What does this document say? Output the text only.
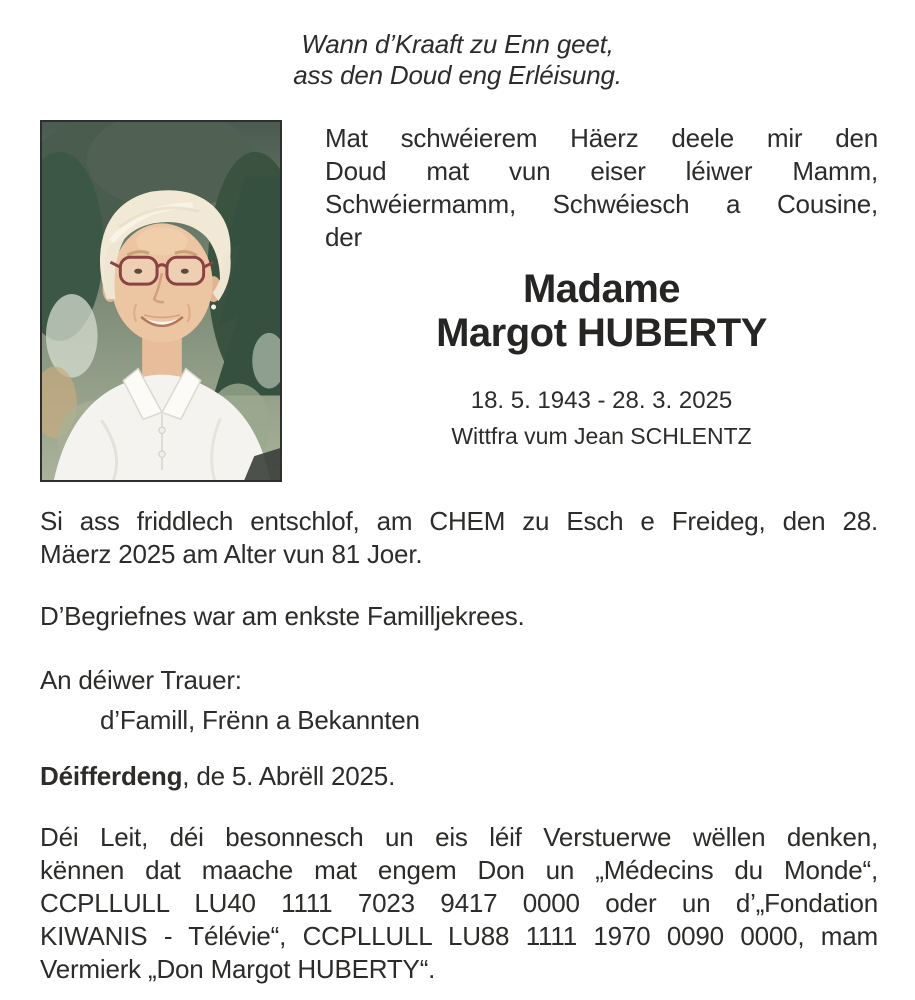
Wann d’Kraaft zu Enn geet,
ass den Doud eng Erléisung.
Mat schwéierem Häerz deele mir den
Doud mat vun eiser léiwer Mamm,
Schwéiermamm, Schwéiesch a Cousine,
der
Madame
Margot HUBERTY
18. 5. 1943 - 28. 3. 2025
Wittfra vum Jean SCHLENTZ
Si ass friddlech entschlof, am CHEM zu Esch e Freideg, den 28.
Mäerz 2025 am Alter vun 81 Joer.
D’Begriefnes war am enkste Familljekrees.
An déiwer Trauer:
d’Famill, Frënn a Bekannten
Déifferdeng, de 5. Abrëll 2025.
Déi Leit, déi besonnesch un eis léif Verstuerwe wëllen denken,
kënnen dat maache mat engem Don un „Médecins du Monde“,
CCPLLULL LU40 1111 7023 9417 0000 oder un d’„Fondation
KIWANIS - Télévie“, CCPLLULL LU88 1111 1970 0090 0000, mam
Vermierk „Don Margot HUBERTY“.
